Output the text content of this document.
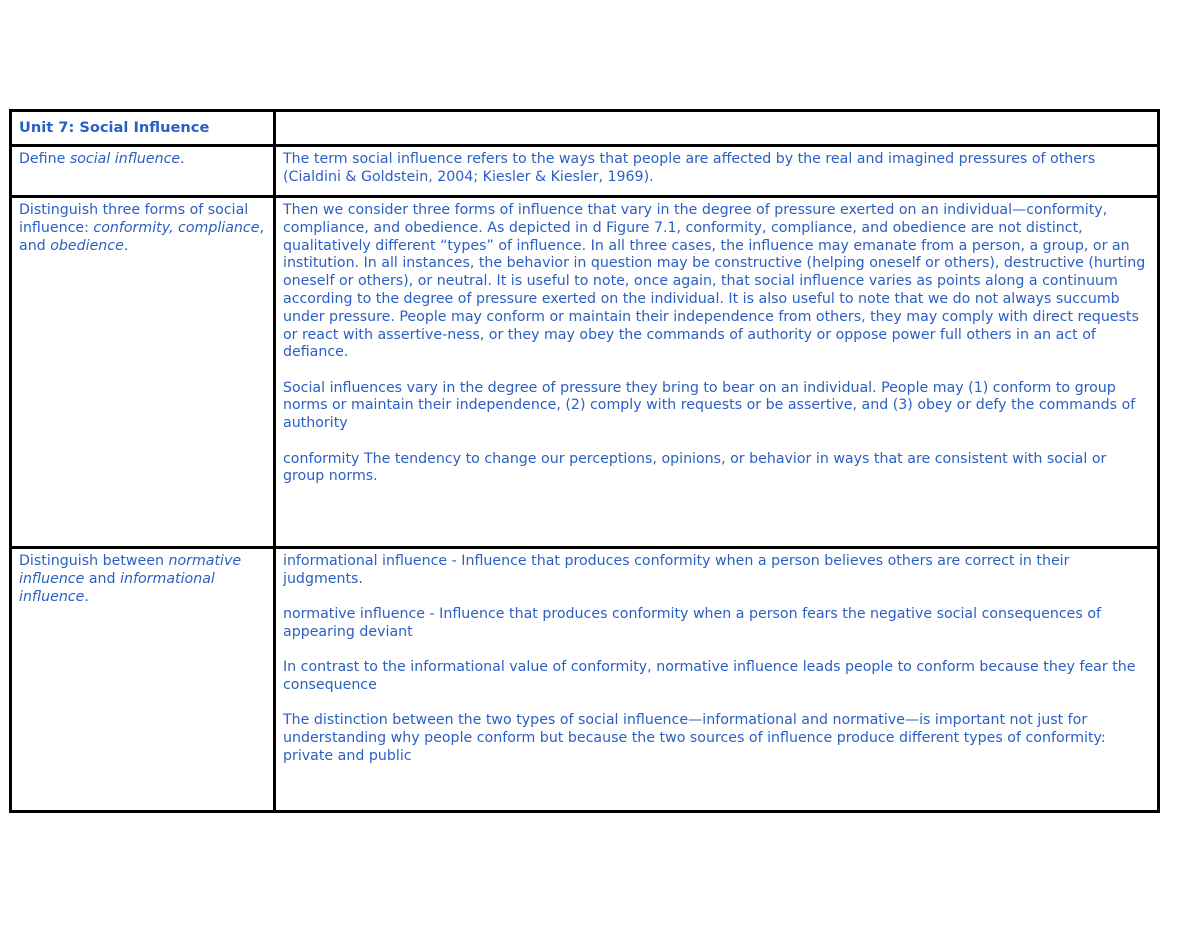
Unit 7: Social Influence
Define social influence.	The term social influence refers to the ways that people are affected by the real and imagined pressures of others (Cialdini & Goldstein, 2004; Kiesler & Kiesler, 1969).

Distinguish three forms of social influence: conformity, compliance, and obedience.

Then we consider three forms of influence that vary in the degree of pressure exerted on an individual—conformity, compliance, and obedience. As depicted in d Figure 7.1, conformity, compliance, and obedience are not distinct, qualitatively different “types” of influence. In all three cases, the influence may emanate from a person, a group, or an institution. In all instances, the behavior in question may be constructive (helping oneself or others), destructive (hurting oneself or others), or neutral. It is useful to note, once again, that social influence varies as points along a continuum according to the degree of pressure exerted on the individual. It is also useful to note that we do not always succumb under pressure. People may conform or maintain their independence from others, they may comply with direct requests or react with assertive-ness, or they may obey the commands of authority or oppose power full others in an act of defiance.

Social influences vary in the degree of pressure they bring to bear on an individual. People may (1) conform to group norms or maintain their independence, (2) comply with requests or be assertive, and (3) obey or defy the commands of authority

conformity The tendency to change our perceptions, opinions, or behavior in ways that are consistent with social or group norms.

Distinguish between normative influence and informational influence.

informational influence - Influence that produces conformity when a person believes others are correct in their judgments.

normative influence - Influence that produces conformity when a person fears the negative social consequences of appearing deviant

In contrast to the informational value of conformity, normative influence leads people to conform because they fear the consequence

The distinction between the two types of social influence—informational and normative—is important not just for understanding why people conform but because the two sources of influence produce different types of conformity: private and public
